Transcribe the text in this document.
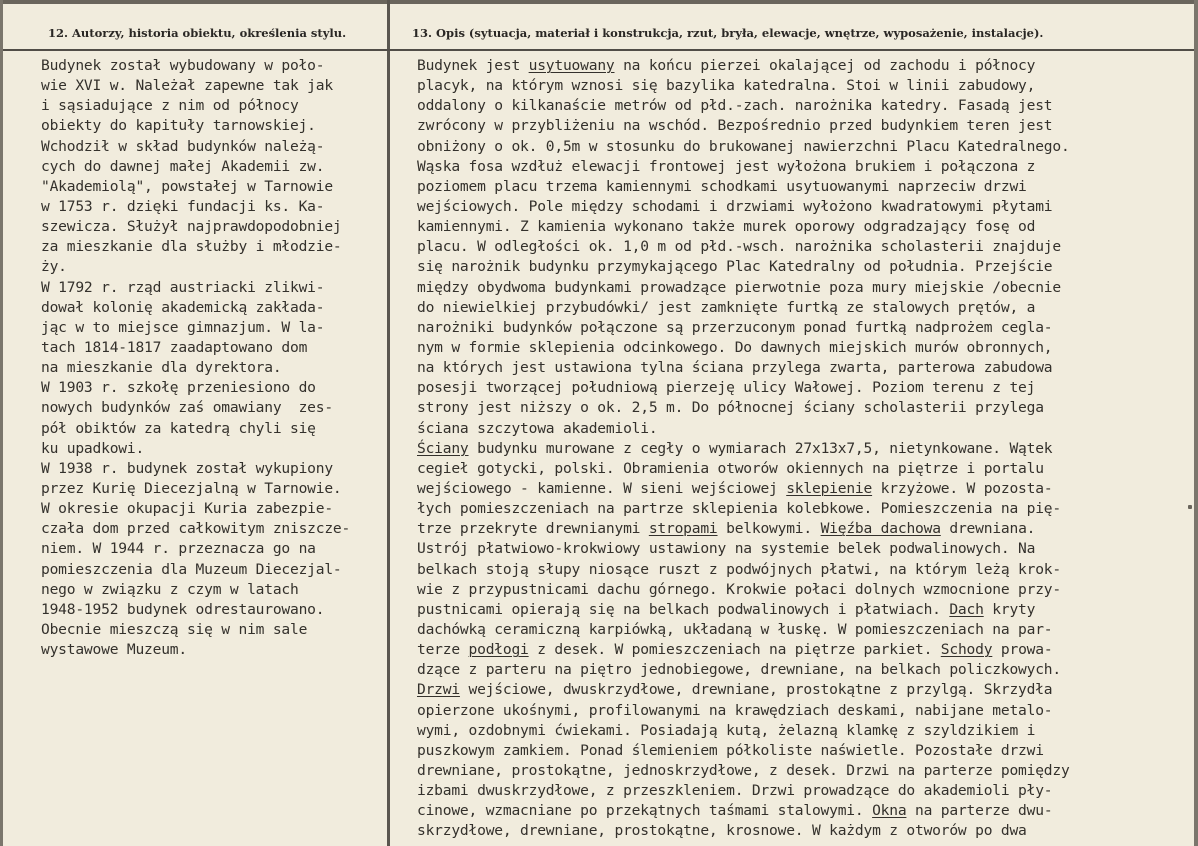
12. Autorzy, historia obiektu, określenia stylu.	13. Opis (sytuacja, materiał i konstrukcja, rzut, bryła, elewacje, wnętrze, wyposażenie, instalacje).
Budynek został wybudowany w poło-
wie XVI w. Należał zapewne tak jak
i sąsiadujące z nim od północy
obiekty do kapituły tarnowskiej.
Wchodził w skład budynków należą-
cych do dawnej małej Akademii zw.
"Akademiolą", powstałej w Tarnowie
w 1753 r. dzięki fundacji ks. Ka-
szewicza. Służył najprawdopodobniej
za mieszkanie dla służby i młodzie-
ży.
W 1792 r. rząd austriacki zlikwi-
dował kolonię akademicką zakłada-
jąc w to miejsce gimnazjum. W la-
tach 1814-1817 zaadaptowano dom
na mieszkanie dla dyrektora.
W 1903 r. szkołę przeniesiono do
nowych budynków zaś omawiany  zes-
pół obiktów za katedrą chyli się
ku upadkowi.
W 1938 r. budynek został wykupiony
przez Kurię Diecezjalną w Tarnowie.
W okresie okupacji Kuria zabezpie-
czała dom przed całkowitym zniszcze-
niem. W 1944 r. przeznacza go na
pomieszczenia dla Muzeum Diecezjal-
nego w związku z czym w latach
1948-1952 budynek odrestaurowano.
Obecnie mieszczą się w nim sale
wystawowe Muzeum.
Budynek jest usytuowany na końcu pierzei okalającej od zachodu i północy
placyk, na którym wznosi się bazylika katedralna. Stoi w linii zabudowy,
oddalony o kilkanaście metrów od płd.-zach. narożnika katedry. Fasadą jest
zwrócony w przybliżeniu na wschód. Bezpośrednio przed budynkiem teren jest
obniżony o ok. 0,5m w stosunku do brukowanej nawierzchni Placu Katedralnego.
Wąska fosa wzdłuż elewacji frontowej jest wyłożona brukiem i połączona z
poziomem placu trzema kamiennymi schodkami usytuowanymi naprzeciw drzwi
wejściowych. Pole między schodami i drzwiami wyłożono kwadratowymi płytami
kamiennymi. Z kamienia wykonano także murek oporowy odgradzający fosę od
placu. W odległości ok. 1,0 m od płd.-wsch. narożnika scholasterii znajduje
się narożnik budynku przymykającego Plac Katedralny od południa. Przejście
między obydwoma budynkami prowadzące pierwotnie poza mury miejskie /obecnie
do niewielkiej przybudówki/ jest zamknięte furtką ze stalowych prętów, a
narożniki budynków połączone są przerzuconym ponad furtką nadprożem cegla-
nym w formie sklepienia odcinkowego. Do dawnych miejskich murów obronnych,
na których jest ustawiona tylna ściana przylega zwarta, parterowa zabudowa
posesji tworzącej południową pierzeję ulicy Wałowej. Poziom terenu z tej
strony jest niższy o ok. 2,5 m. Do północnej ściany scholasterii przylega
ściana szczytowa akademioli.
Ściany budynku murowane z cegły o wymiarach 27x13x7,5, nietynkowane. Wątek
cegieł gotycki, polski. Obramienia otworów okiennych na piętrze i portalu
wejściowego - kamienne. W sieni wejściowej sklepienie krzyżowe. W pozosta-
łych pomieszczeniach na partrze sklepienia kolebkowe. Pomieszczenia na pię-
trze przekryte drewnianymi stropami belkowymi. Więźba dachowa drewniana.
Ustrój płatwiowo-krokwiowy ustawiony na systemie belek podwalinowych. Na
belkach stoją słupy niosące ruszt z podwójnych płatwi, na którym leżą krok-
wie z przypustnicami dachu górnego. Krokwie połaci dolnych wzmocnione przy-
pustnicami opierają się na belkach podwalinowych i płatwiach. Dach kryty
dachówką ceramiczną karpiówką, układaną w łuskę. W pomieszczeniach na par-
terze podłogi z desek. W pomieszczeniach na piętrze parkiet. Schody prowa-
dzące z parteru na piętro jednobiegowe, drewniane, na belkach policzkowych.
Drzwi wejściowe, dwuskrzydłowe, drewniane, prostokątne z przylgą. Skrzydła
opierzone ukośnymi, profilowanymi na krawędziach deskami, nabijane metalo-
wymi, ozdobnymi ćwiekami. Posiadają kutą, żelazną klamkę z szyldzikiem i
puszkowym zamkiem. Ponad ślemieniem półkoliste naświetle. Pozostałe drzwi
drewniane, prostokątne, jednoskrzydłowe, z desek. Drzwi na parterze pomiędzy
izbami dwuskrzydłowe, z przeszkleniem. Drzwi prowadzące do akademioli pły-
cinowe, wzmacniane po przekątnych taśmami stalowymi. Okna na parterze dwu-
skrzydłowe, drewniane, prostokątne, krosnowe. W każdym z otworów po dwa
